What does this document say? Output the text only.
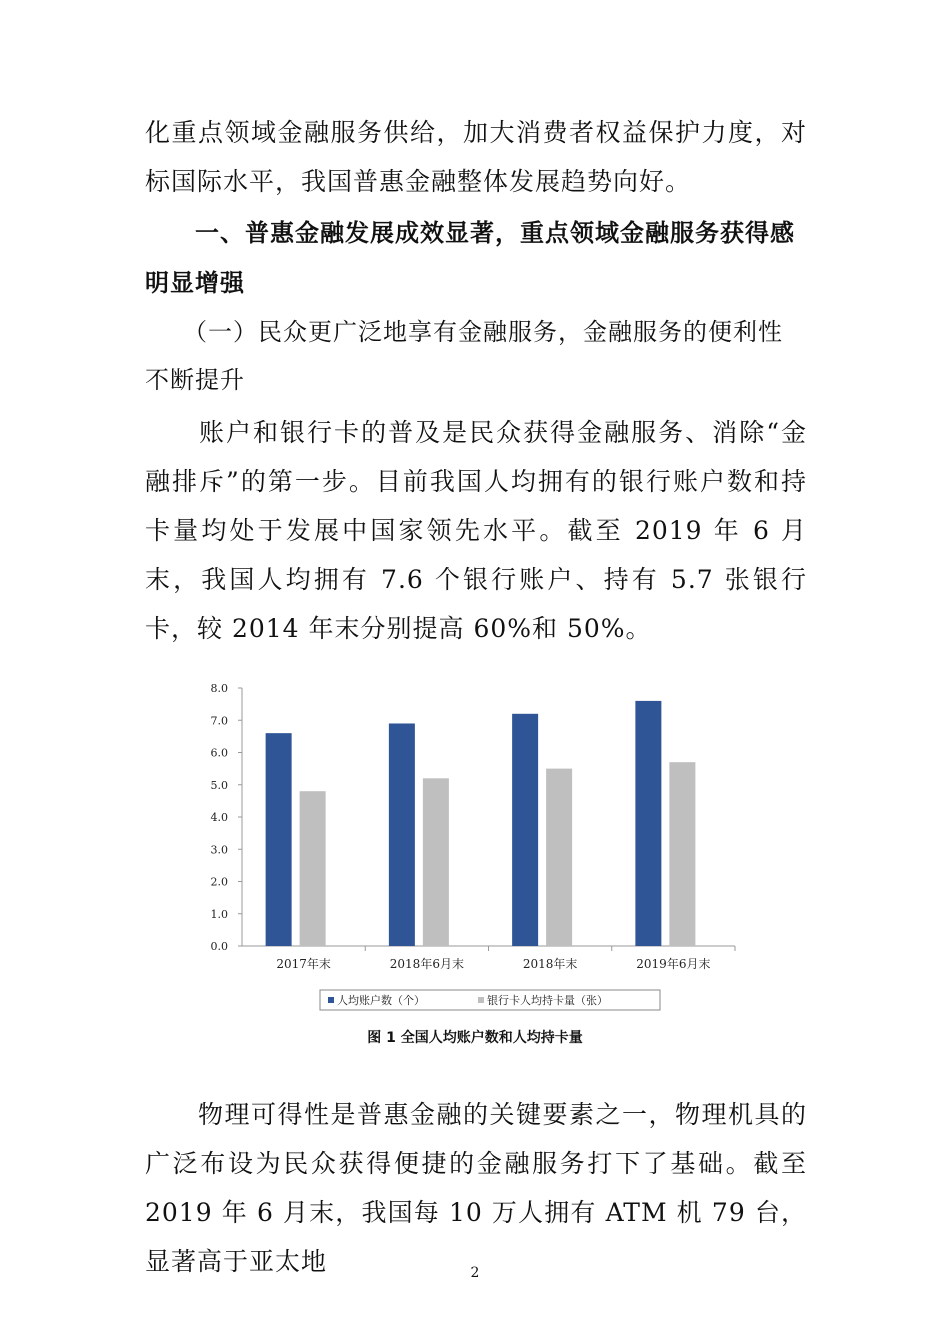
化重点领域金融服务供给，加大消费者权益保护力度，对标国际水平，我国普惠金融整体发展趋势向好。

　　一、普惠金融发展成效显著，重点领域金融服务获得感明显增强

　　（一）民众更广泛地享有金融服务，金融服务的便利性不断提升

　　账户和银行卡的普及是民众获得金融服务、消除“金融排斥”的第一步。目前我国人均拥有的银行账户数和持卡量均处于发展中国家领先水平。截至 2019 年 6 月末，我国人均拥有 7.6 个银行账户、持有 5.7 张银行卡，较 2014 年末分别提高 60%和 50%。

0.0
1.0
2.0
3.0
4.0
5.0
6.0
7.0
8.0
2017年末	2018年6月末	2018年末	2019年6月末
人均账户数（个）	银行卡人均持卡量（张）
图 1 全国人均账户数和人均持卡量

　　物理可得性是普惠金融的关键要素之一，物理机具的广泛布设为民众获得便捷的金融服务打下了基础。截至 2019 年 6 月末，我国每 10 万人拥有 ATM 机 79 台，显著高于亚太地	2
